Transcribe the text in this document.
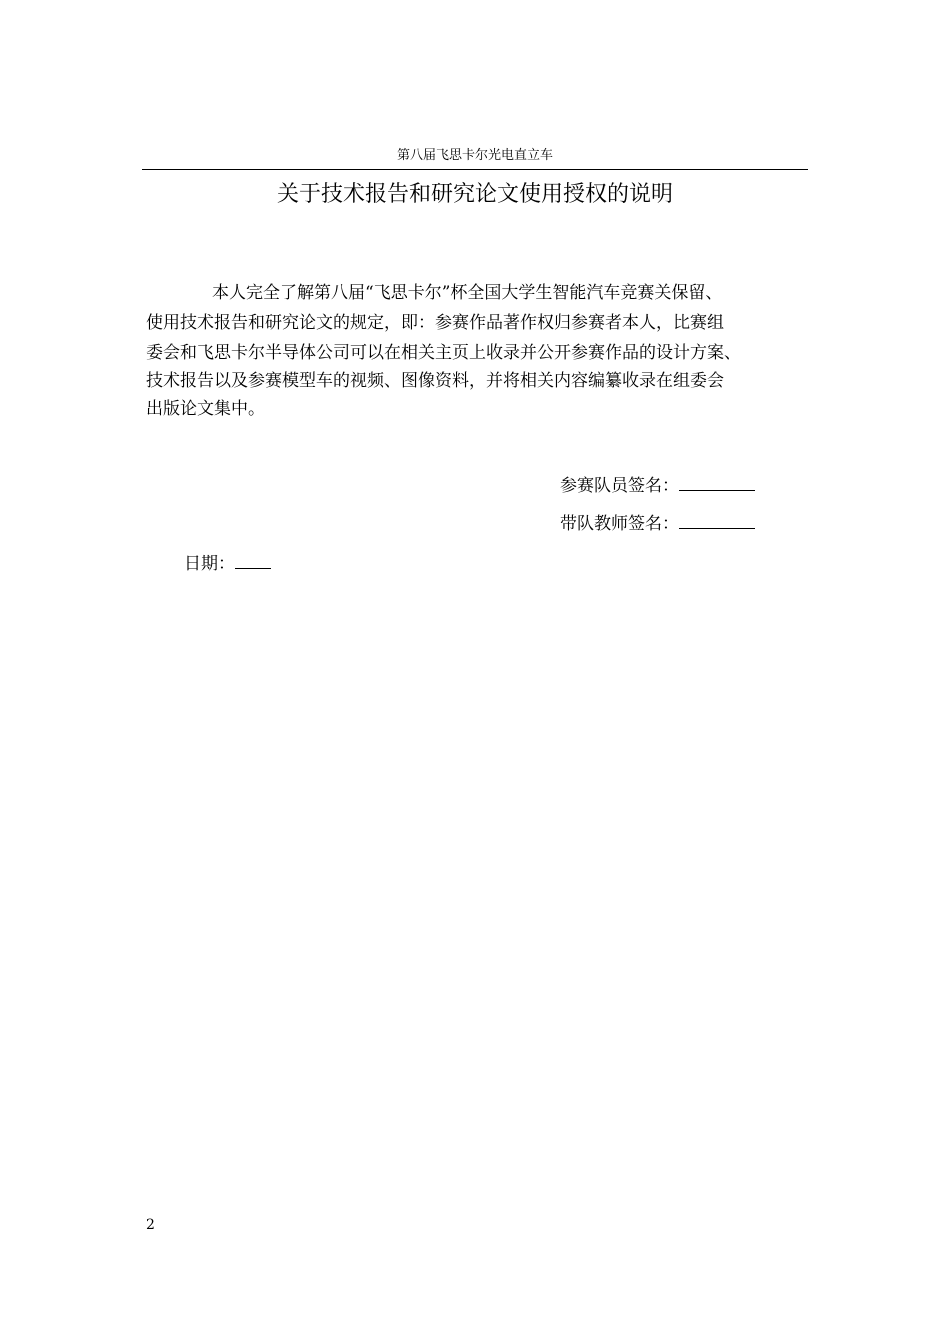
第八届飞思卡尔光电直立车
关于技术报告和研究论文使用授权的说明
本人完全了解第八届“飞思卡尔”杯全国大学生智能汽车竞赛关保留、
使用技术报告和研究论文的规定，即：参赛作品著作权归参赛者本人，比赛组
委会和飞思卡尔半导体公司可以在相关主页上收录并公开参赛作品的设计方案、
技术报告以及参赛模型车的视频、图像资料，并将相关内容编纂收录在组委会
出版论文集中。
参赛队员签名：
带队教师签名：
日期：
2
